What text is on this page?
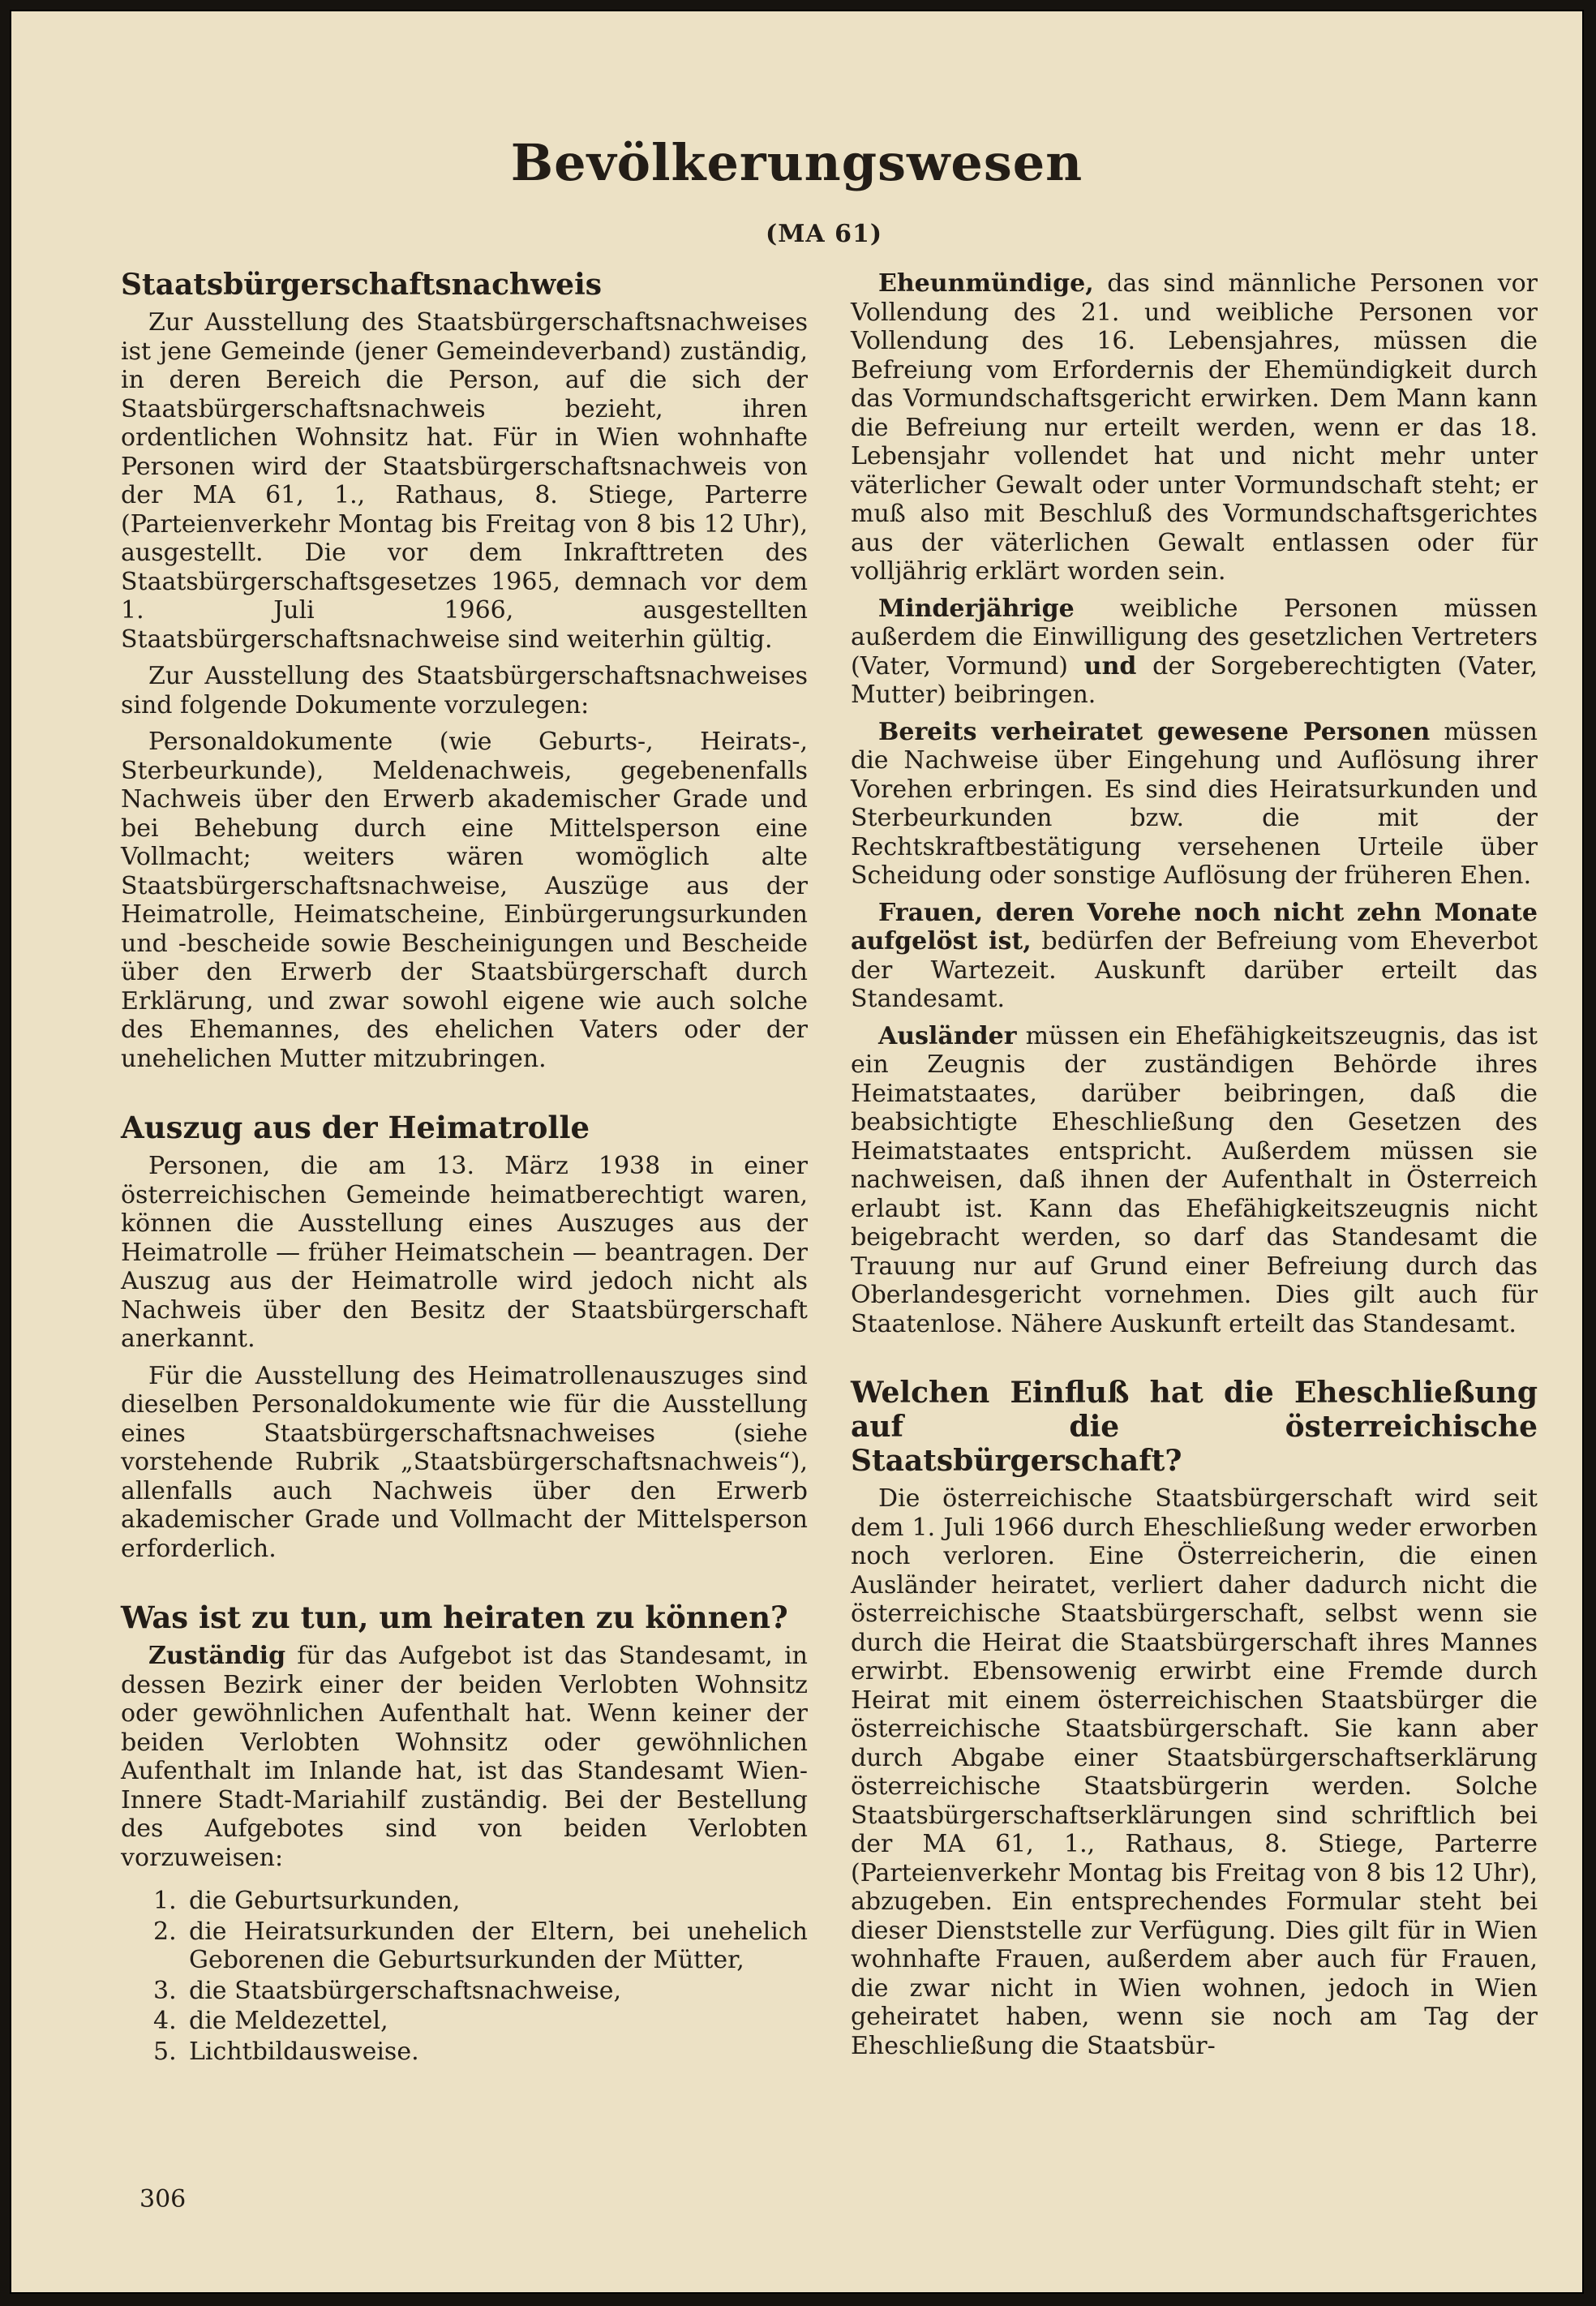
Bevölkerungswesen
(MA 61)
Staatsbürgerschaftsnachweis

Zur Ausstellung des Staatsbürgerschaftsnachweises ist jene Gemeinde (jener Gemeindeverband) zuständig, in deren Bereich die Person, auf die sich der Staatsbürgerschaftsnachweis bezieht, ihren ordentlichen Wohnsitz hat. Für in Wien wohnhafte Personen wird der Staatsbürgerschaftsnachweis von der MA 61, 1., Rathaus, 8. Stiege, Parterre (Parteienverkehr Montag bis Freitag von 8 bis 12 Uhr), ausgestellt. Die vor dem Inkrafttreten des Staatsbürgerschaftsgesetzes 1965, demnach vor dem 1. Juli 1966, ausgestellten Staatsbürgerschaftsnachweise sind weiterhin gültig.

Zur Ausstellung des Staatsbürgerschaftsnachweises sind folgende Dokumente vorzulegen:

Personaldokumente (wie Geburts-, Heirats-, Sterbeurkunde), Meldenachweis, gegebenenfalls Nachweis über den Erwerb akademischer Grade und bei Behebung durch eine Mittelsperson eine Vollmacht; weiters wären womöglich alte Staatsbürgerschaftsnachweise, Auszüge aus der Heimatrolle, Heimatscheine, Einbürgerungsurkunden und -bescheide sowie Bescheinigungen und Bescheide über den Erwerb der Staatsbürgerschaft durch Erklärung, und zwar sowohl eigene wie auch solche des Ehemannes, des ehelichen Vaters oder der unehelichen Mutter mitzubringen.

Auszug aus der Heimatrolle

Personen, die am 13. März 1938 in einer österreichischen Gemeinde heimatberechtigt waren, können die Ausstellung eines Auszuges aus der Heimatrolle — früher Heimatschein — beantragen. Der Auszug aus der Heimatrolle wird jedoch nicht als Nachweis über den Besitz der Staatsbürgerschaft anerkannt.

Für die Ausstellung des Heimatrollenauszuges sind dieselben Personaldokumente wie für die Ausstellung eines Staatsbürgerschaftsnachweises (siehe vorstehende Rubrik „Staatsbürgerschaftsnachweis“), allenfalls auch Nachweis über den Erwerb akademischer Grade und Vollmacht der Mittelsperson erforderlich.

Was ist zu tun, um heiraten zu können?

Zuständig für das Aufgebot ist das Standesamt, in dessen Bezirk einer der beiden Verlobten Wohnsitz oder gewöhnlichen Aufenthalt hat. Wenn keiner der beiden Verlobten Wohnsitz oder gewöhnlichen Aufenthalt im Inlande hat, ist das Standesamt Wien-Innere Stadt-Mariahilf zuständig. Bei der Bestellung des Aufgebotes sind von beiden Verlobten vorzuweisen:

1. die Geburtsurkunden,
2. die Heiratsurkunden der Eltern, bei unehelich Geborenen die Geburtsurkunden der Mütter,
3. die Staatsbürgerschaftsnachweise,
4. die Meldezettel,
5. Lichtbildausweise.

Eheunmündige, das sind männliche Personen vor Vollendung des 21. und weibliche Personen vor Vollendung des 16. Lebensjahres, müssen die Befreiung vom Erfordernis der Ehemündigkeit durch das Vormundschaftsgericht erwirken. Dem Mann kann die Befreiung nur erteilt werden, wenn er das 18. Lebensjahr vollendet hat und nicht mehr unter väterlicher Gewalt oder unter Vormundschaft steht; er muß also mit Beschluß des Vormundschaftsgerichtes aus der väterlichen Gewalt entlassen oder für volljährig erklärt worden sein.

Minderjährige weibliche Personen müssen außerdem die Einwilligung des gesetzlichen Vertreters (Vater, Vormund) und der Sorgeberechtigten (Vater, Mutter) beibringen.

Bereits verheiratet gewesene Personen müssen die Nachweise über Eingehung und Auflösung ihrer Vorehen erbringen. Es sind dies Heiratsurkunden und Sterbeurkunden bzw. die mit der Rechtskraftbestätigung versehenen Urteile über Scheidung oder sonstige Auflösung der früheren Ehen.

Frauen, deren Vorehe noch nicht zehn Monate aufgelöst ist, bedürfen der Befreiung vom Eheverbot der Wartezeit. Auskunft darüber erteilt das Standesamt.

Ausländer müssen ein Ehefähigkeitszeugnis, das ist ein Zeugnis der zuständigen Behörde ihres Heimatstaates, darüber beibringen, daß die beabsichtigte Eheschließung den Gesetzen des Heimatstaates entspricht. Außerdem müssen sie nachweisen, daß ihnen der Aufenthalt in Österreich erlaubt ist. Kann das Ehefähigkeitszeugnis nicht beigebracht werden, so darf das Standesamt die Trauung nur auf Grund einer Befreiung durch das Oberlandesgericht vornehmen. Dies gilt auch für Staatenlose. Nähere Auskunft erteilt das Standesamt.

Welchen Einfluß hat die Eheschließung auf die österreichische Staatsbürgerschaft?

Die österreichische Staatsbürgerschaft wird seit dem 1. Juli 1966 durch Eheschließung weder erworben noch verloren. Eine Österreicherin, die einen Ausländer heiratet, verliert daher dadurch nicht die österreichische Staatsbürgerschaft, selbst wenn sie durch die Heirat die Staatsbürgerschaft ihres Mannes erwirbt. Ebensowenig erwirbt eine Fremde durch Heirat mit einem österreichischen Staatsbürger die österreichische Staatsbürgerschaft. Sie kann aber durch Abgabe einer Staatsbürgerschaftserklärung österreichische Staatsbürgerin werden. Solche Staatsbürgerschaftserklärungen sind schriftlich bei der MA 61, 1., Rathaus, 8. Stiege, Parterre (Parteienverkehr Montag bis Freitag von 8 bis 12 Uhr), abzugeben. Ein entsprechendes Formular steht bei dieser Dienststelle zur Verfügung. Dies gilt für in Wien wohnhafte Frauen, außerdem aber auch für Frauen, die zwar nicht in Wien wohnen, jedoch in Wien geheiratet haben, wenn sie noch am Tag der Eheschließung die Staatsbür-

306
